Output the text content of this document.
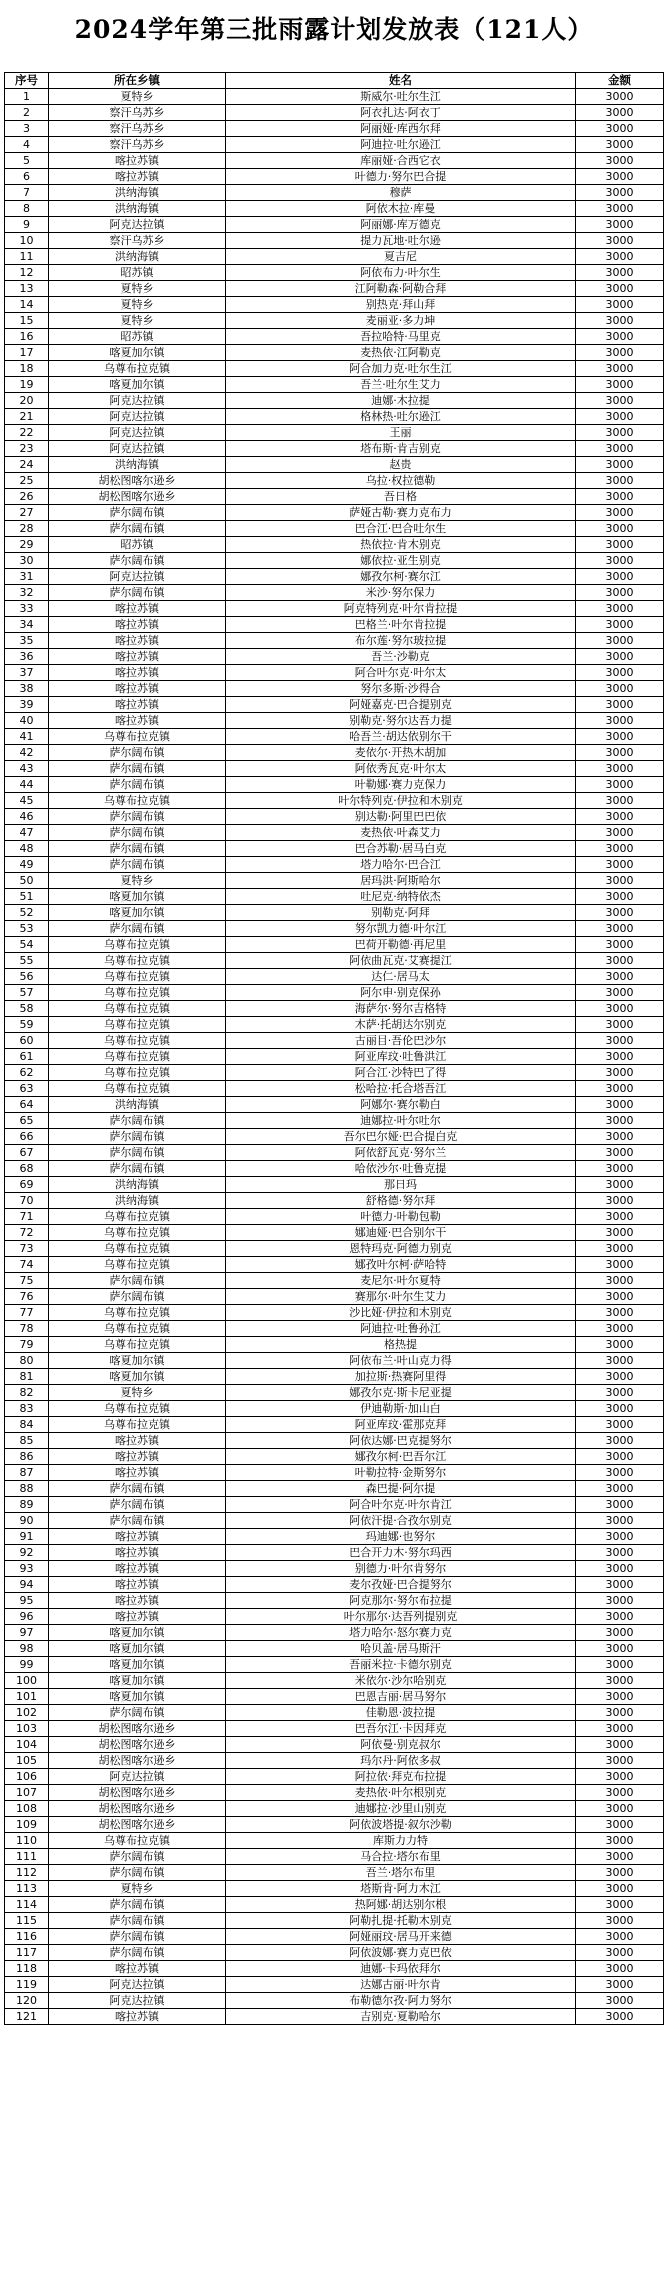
2024学年第三批雨露计划发放表（121人）
序号	所在乡镇	姓名	金额
1	夏特乡	斯威尔·吐尔生江	3000
2	察汗乌苏乡	阿衣扎达·阿衣丁	3000
3	察汗乌苏乡	阿丽娅·库西尔拜	3000
4	察汗乌苏乡	阿迪拉·吐尔逊江	3000
5	喀拉苏镇	库丽娅·合西它衣	3000
6	喀拉苏镇	叶德力·努尔巴合提	3000
7	洪纳海镇	穆萨	3000
8	洪纳海镇	阿依木拉·库曼	3000
9	阿克达拉镇	阿丽娜·库万德克	3000
10	察汗乌苏乡	提力瓦地·吐尔逊	3000
11	洪纳海镇	夏吉尼	3000
12	昭苏镇	阿依布力·叶尔生	3000
13	夏特乡	江阿勒森·阿勒合拜	3000
14	夏特乡	别热克·拜山拜	3000
15	夏特乡	麦丽亚·多力坤	3000
16	昭苏镇	吾拉哈特·马里克	3000
17	喀夏加尔镇	麦热依·江阿勒克	3000
18	乌尊布拉克镇	阿合加力克·吐尔生江	3000
19	喀夏加尔镇	吾兰·吐尔生艾力	3000
20	阿克达拉镇	迪娜·木拉提	3000
21	阿克达拉镇	格林热·吐尔逊江	3000
22	阿克达拉镇	王丽	3000
23	阿克达拉镇	塔布斯·肯吉别克	3000
24	洪纳海镇	赵贵	3000
25	胡松图喀尔逊乡	乌拉·权拉德勒	3000
26	胡松图喀尔逊乡	吾日格	3000
27	萨尔阔布镇	萨娅古勒·赛力克布力	3000
28	萨尔阔布镇	巴合江·巴合吐尔生	3000
29	昭苏镇	热依拉·肯木别克	3000
30	萨尔阔布镇	娜依拉·亚生别克	3000
31	阿克达拉镇	娜孜尔柯·赛尔江	3000
32	萨尔阔布镇	米沙·努尔保力	3000
33	喀拉苏镇	阿克特列克·叶尔肯拉提	3000
34	喀拉苏镇	巴格兰·叶尔肯拉提	3000
35	喀拉苏镇	布尔莲·努尔玻拉提	3000
36	喀拉苏镇	吾兰·沙勒克	3000
37	喀拉苏镇	阿合叶尔克·叶尔太	3000
38	喀拉苏镇	努尔多斯·沙得合	3000
39	喀拉苏镇	阿娅嘉克·巴合提别克	3000
40	喀拉苏镇	别勒克·努尔达吾力提	3000
41	乌尊布拉克镇	哈吾兰·胡达依别尔干	3000
42	萨尔阔布镇	麦依尔·开热木胡加	3000
43	萨尔阔布镇	阿依秀瓦克·叶尔太	3000
44	萨尔阔布镇	叶勒娜·赛力克保力	3000
45	乌尊布拉克镇	叶尔特列克·伊拉和木别克	3000
46	萨尔阔布镇	别达勒·阿里巴巴依	3000
47	萨尔阔布镇	麦热依·叶森艾力	3000
48	萨尔阔布镇	巴合苏勒·居马白克	3000
49	萨尔阔布镇	塔力哈尔·巴合江	3000
50	夏特乡	居玛洪·阿斯哈尔	3000
51	喀夏加尔镇	吐尼克·纳特依杰	3000
52	喀夏加尔镇	别勒克·阿拜	3000
53	萨尔阔布镇	努尔凯力德·叶尔江	3000
54	乌尊布拉克镇	巴荷开勒德·再尼里	3000
55	乌尊布拉克镇	阿依曲瓦克·艾赛提江	3000
56	乌尊布拉克镇	达仁·居马太	3000
57	乌尊布拉克镇	阿尔申·别克保孙	3000
58	乌尊布拉克镇	海萨尔·努尔吉格特	3000
59	乌尊布拉克镇	木萨·托胡达尔别克	3000
60	乌尊布拉克镇	古丽目·吾伦巴沙尔	3000
61	乌尊布拉克镇	阿亚库玟·吐鲁洪江	3000
62	乌尊布拉克镇	阿合江·沙特巴了得	3000
63	乌尊布拉克镇	松哈拉·托合塔吾江	3000
64	洪纳海镇	阿娜尔·赛尔勒白	3000
65	萨尔阔布镇	迪娜拉·叶尔吐尔	3000
66	萨尔阔布镇	吾尔巴尔娅·巴合提白克	3000
67	萨尔阔布镇	阿依舒瓦克·努尔兰	3000
68	萨尔阔布镇	哈依沙尔·吐鲁克提	3000
69	洪纳海镇	那日玛	3000
70	洪纳海镇	舒格德·努尔拜	3000
71	乌尊布拉克镇	叶德力·叶勒包勒	3000
72	乌尊布拉克镇	娜迪娅·巴合别尔干	3000
73	乌尊布拉克镇	恩特玛克·阿德力别克	3000
74	乌尊布拉克镇	娜孜叶尔柯·萨哈特	3000
75	萨尔阔布镇	麦尼尔·叶尔夏特	3000
76	萨尔阔布镇	赛那尔·叶尔生艾力	3000
77	乌尊布拉克镇	沙比娅·伊拉和木别克	3000
78	乌尊布拉克镇	阿迪拉·吐鲁孙江	3000
79	乌尊布拉克镇	格热提	3000
80	喀夏加尔镇	阿依布兰·叶山克力得	3000
81	喀夏加尔镇	加拉斯·热赛阿里得	3000
82	夏特乡	娜孜尔克·斯卡尼亚提	3000
83	乌尊布拉克镇	伊迪勒斯·加山白	3000
84	乌尊布拉克镇	阿亚库玟·霍那克拜	3000
85	喀拉苏镇	阿依达娜·巴克提努尔	3000
86	喀拉苏镇	娜孜尔柯·巴吾尔江	3000
87	喀拉苏镇	叶勒拉特·金斯努尔	3000
88	萨尔阔布镇	森巴提·阿尔提	3000
89	萨尔阔布镇	阿合叶尔克·叶尔肯江	3000
90	萨尔阔布镇	阿依汗提·合孜尔别克	3000
91	喀拉苏镇	玛迪娜·也努尔	3000
92	喀拉苏镇	巴合开力木·努尔玛西	3000
93	喀拉苏镇	别德力·叶尔肯努尔	3000
94	喀拉苏镇	麦尔孜娅·巴合提努尔	3000
95	喀拉苏镇	阿克那尔·努尔布拉提	3000
96	喀拉苏镇	叶尔那尔·达吾列提别克	3000
97	喀夏加尔镇	塔力哈尔·怒尔赛力克	3000
98	喀夏加尔镇	哈贝盖·居马斯汗	3000
99	喀夏加尔镇	吾丽米拉·卡德尔别克	3000
100	喀夏加尔镇	米依尔·沙尔哈别克	3000
101	喀夏加尔镇	巴恩吉丽·居马努尔	3000
102	萨尔阔布镇	佳勒恩·波拉提	3000
103	胡松图喀尔逊乡	巴吾尔江·卡因拜克	3000
104	胡松图喀尔逊乡	阿依曼·别克叔尔	3000
105	胡松图喀尔逊乡	玛尔丹·阿依多叔	3000
106	阿克达拉镇	阿拉依·拜克布拉提	3000
107	胡松图喀尔逊乡	麦热依·叶尔根别克	3000
108	胡松图喀尔逊乡	迪娜拉·沙里山别克	3000
109	胡松图喀尔逊乡	阿依波塔提·叙尔沙勒	3000
110	乌尊布拉克镇	库斯力力特	3000
111	萨尔阔布镇	马合拉·塔尔布里	3000
112	萨尔阔布镇	吾兰·塔尔布里	3000
113	夏特乡	塔斯肯·阿力木江	3000
114	萨尔阔布镇	热阿娜·胡达别尔根	3000
115	萨尔阔布镇	阿勒扎提·托勒木别克	3000
116	萨尔阔布镇	阿娅丽玟·居马开来德	3000
117	萨尔阔布镇	阿依波娜·赛力克巴依	3000
118	喀拉苏镇	迪娜·卡玛依拜尔	3000
119	阿克达拉镇	达娜古丽·叶尔肯	3000
120	阿克达拉镇	布勒德尔孜·阿力努尔	3000
121	喀拉苏镇	吉别克·夏勒哈尔	3000
